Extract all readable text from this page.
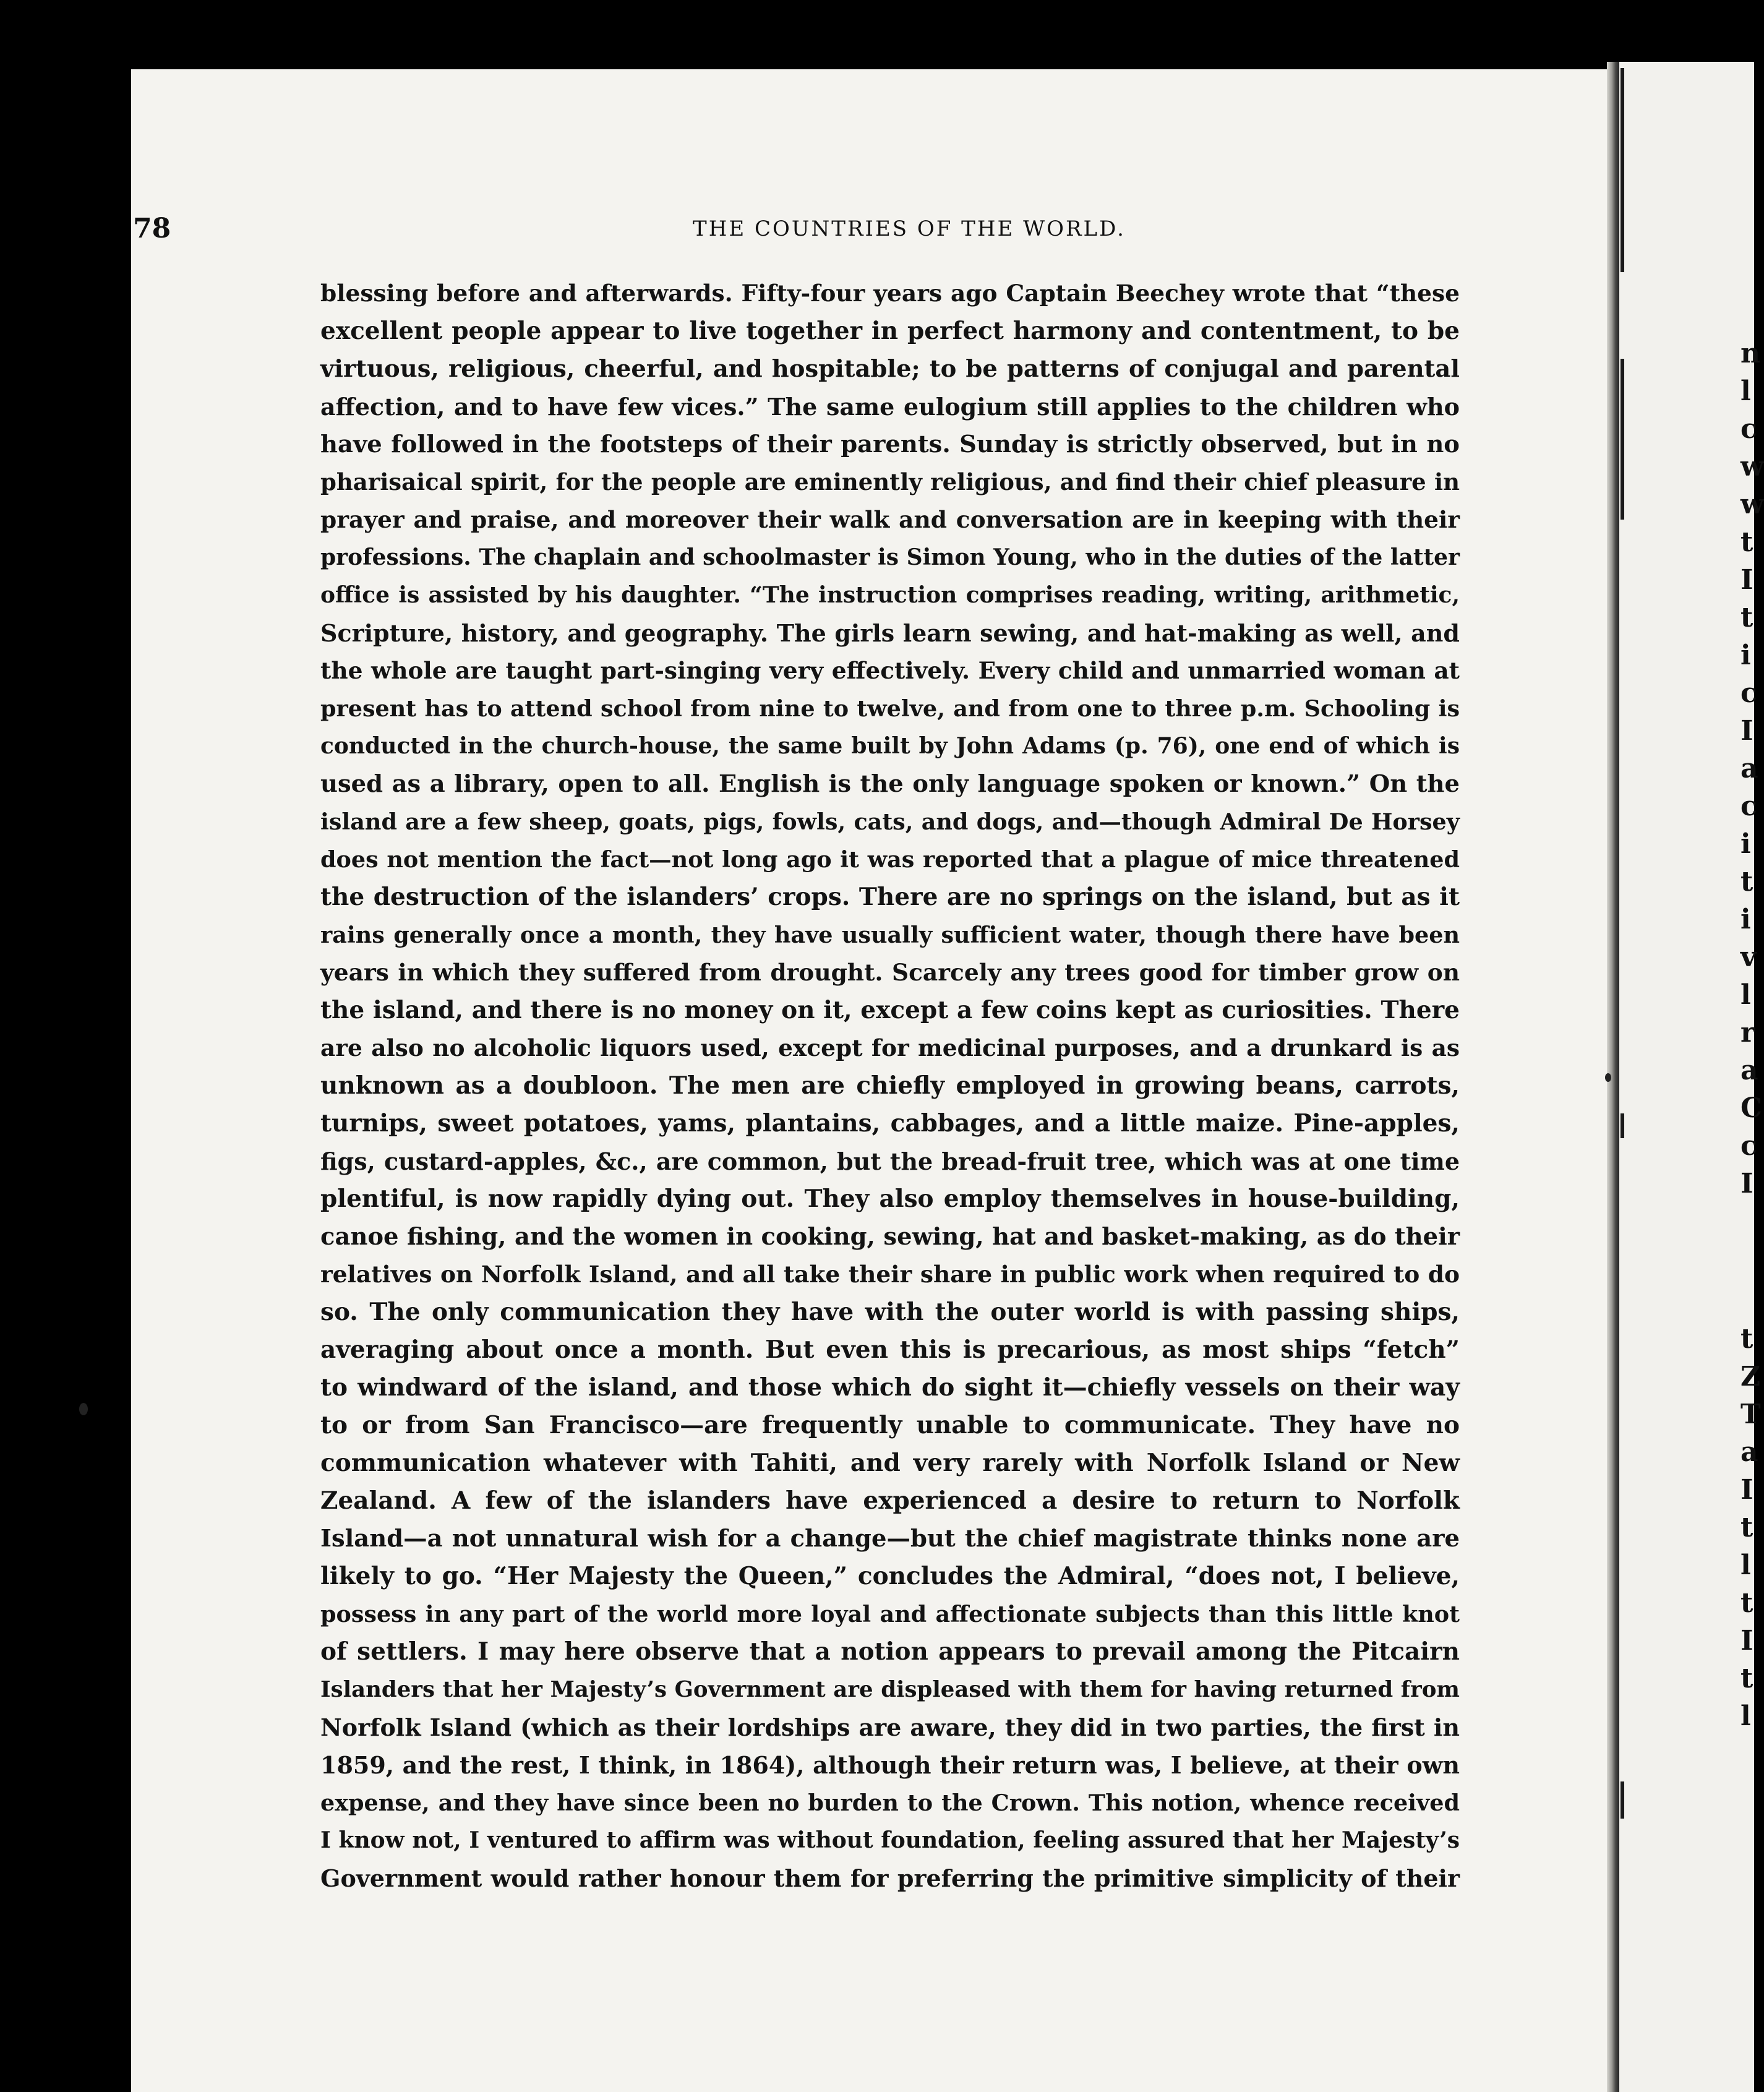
n
l
c
w
w
t
I
t
i
c
I
a
c
i
t
i
v
l
r
a
C
c
I
t
Z
T
a
I
t
l
t
I
t
l
78	THE COUNTRIES OF THE WORLD.
blessing before and afterwards. Fifty-four years ago Captain Beechey wrote that “these
excellent people appear to live together in perfect harmony and contentment, to be
virtuous, religious, cheerful, and hospitable; to be patterns of conjugal and parental
affection, and to have few vices.” The same eulogium still applies to the children who
have followed in the footsteps of their parents. Sunday is strictly observed, but in no
pharisaical spirit, for the people are eminently religious, and find their chief pleasure in
prayer and praise, and moreover their walk and conversation are in keeping with their
professions. The chaplain and schoolmaster is Simon Young, who in the duties of the latter
office is assisted by his daughter. “The instruction comprises reading, writing, arithmetic,
Scripture, history, and geography. The girls learn sewing, and hat-making as well, and
the whole are taught part-singing very effectively. Every child and unmarried woman at
present has to attend school from nine to twelve, and from one to three p.m. Schooling is
conducted in the church-house, the same built by John Adams (p. 76), one end of which is
used as a library, open to all. English is the only language spoken or known.” On the
island are a few sheep, goats, pigs, fowls, cats, and dogs, and—though Admiral De Horsey
does not mention the fact—not long ago it was reported that a plague of mice threatened
the destruction of the islanders’ crops. There are no springs on the island, but as it
rains generally once a month, they have usually sufficient water, though there have been
years in which they suffered from drought. Scarcely any trees good for timber grow on
the island, and there is no money on it, except a few coins kept as curiosities. There
are also no alcoholic liquors used, except for medicinal purposes, and a drunkard is as
unknown as a doubloon. The men are chiefly employed in growing beans, carrots,
turnips, sweet potatoes, yams, plantains, cabbages, and a little maize. Pine-apples,
figs, custard-apples, &c., are common, but the bread-fruit tree, which was at one time
plentiful, is now rapidly dying out. They also employ themselves in house-building,
canoe fishing, and the women in cooking, sewing, hat and basket-making, as do their
relatives on Norfolk Island, and all take their share in public work when required to do
so. The only communication they have with the outer world is with passing ships,
averaging about once a month. But even this is precarious, as most ships “fetch”
to windward of the island, and those which do sight it—chiefly vessels on their way
to or from San Francisco—are frequently unable to communicate. They have no
communication whatever with Tahiti, and very rarely with Norfolk Island or New
Zealand. A few of the islanders have experienced a desire to return to Norfolk
Island—a not unnatural wish for a change—but the chief magistrate thinks none are
likely to go. “Her Majesty the Queen,” concludes the Admiral, “does not, I believe,
possess in any part of the world more loyal and affectionate subjects than this little knot
of settlers. I may here observe that a notion appears to prevail among the Pitcairn
Islanders that her Majesty’s Government are displeased with them for having returned from
Norfolk Island (which as their lordships are aware, they did in two parties, the first in
1859, and the rest, I think, in 1864), although their return was, I believe, at their own
expense, and they have since been no burden to the Crown. This notion, whence received
I know not, I ventured to affirm was without foundation, feeling assured that her Majesty’s
Government would rather honour them for preferring the primitive simplicity of their
